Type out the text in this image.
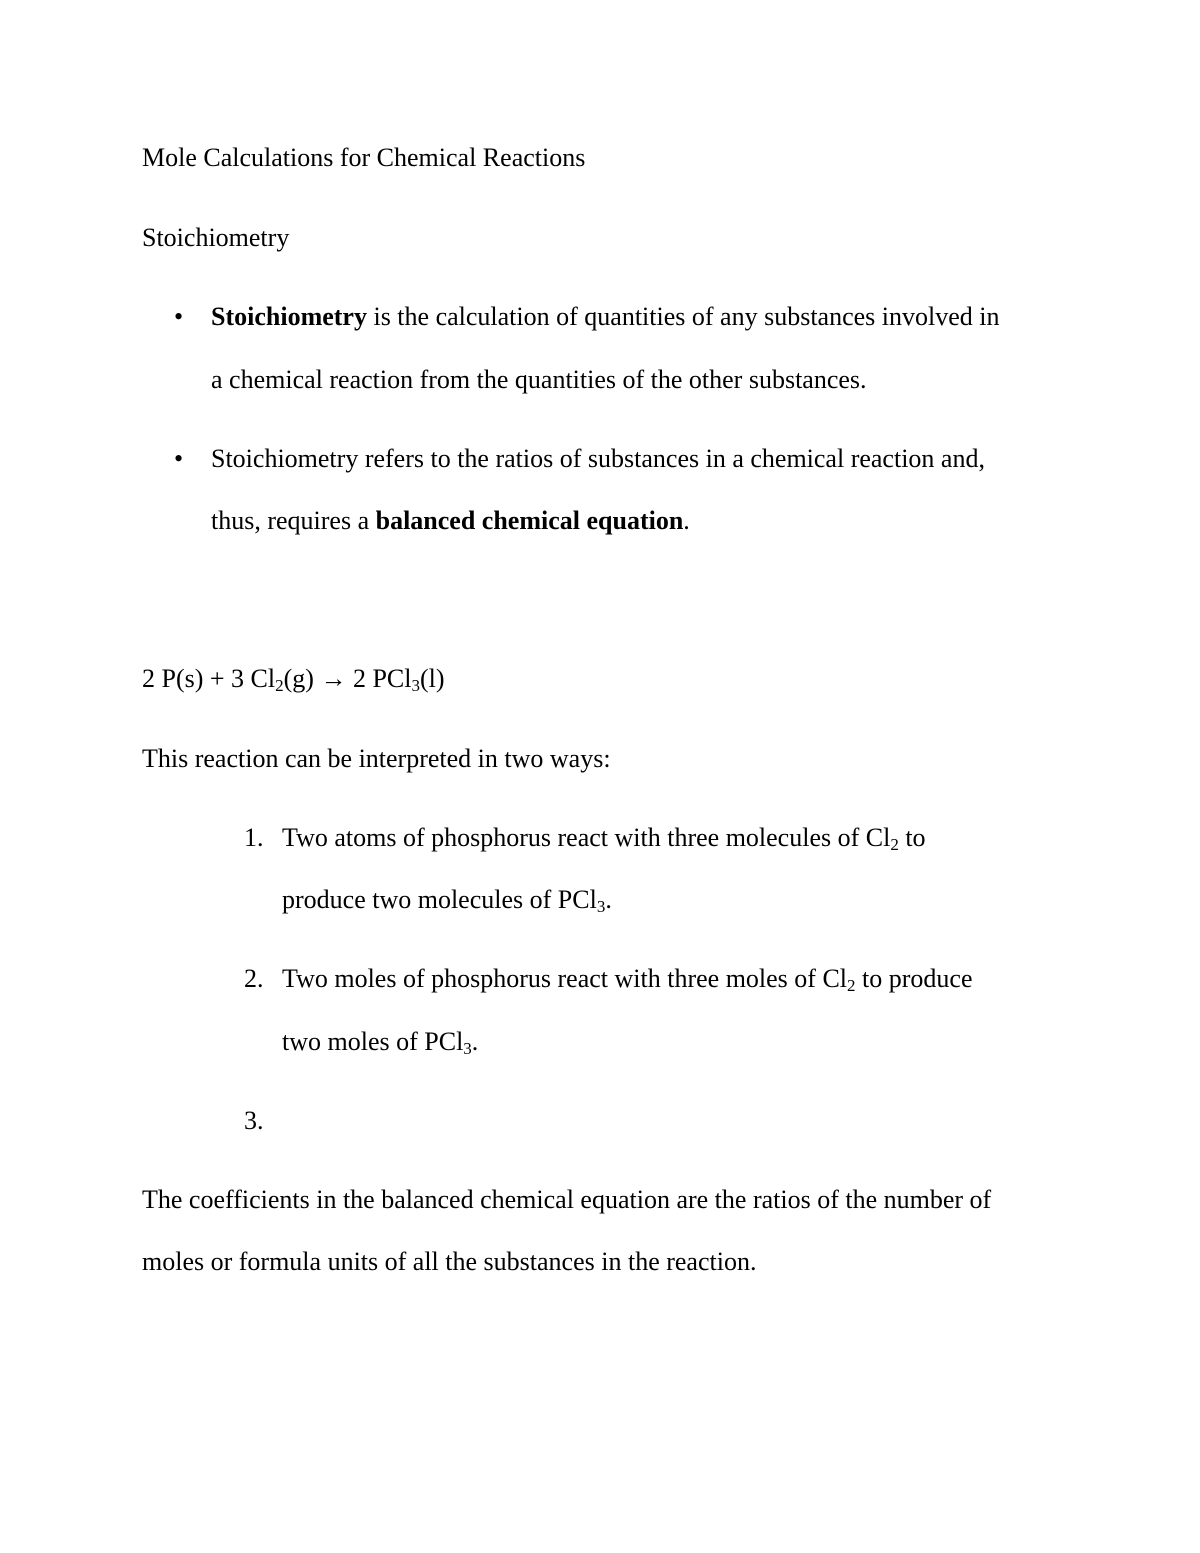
Mole Calculations for Chemical Reactions
Stoichiometry
• Stoichiometry is the calculation of quantities of any substances involved in
a chemical reaction from the quantities of the other substances.
• Stoichiometry refers to the ratios of substances in a chemical reaction and,
thus, requires a balanced chemical equation.
2 P(s) + 3 $Cl_2(g) \to 2$ PCl$_3$(l)
This reaction can be interpreted in two ways:
1. Two atoms of phosphorus react with three molecules of $Cl_2$ to
produce two molecules of PCl$_3$.
2. Two moles of phosphorus react with three moles of $Cl_2$ to produce
two moles of PCl$_3$.
3.
The coefficients in the balanced chemical equation are the ratios of the number of
moles or formula units of all the substances in the reaction.
